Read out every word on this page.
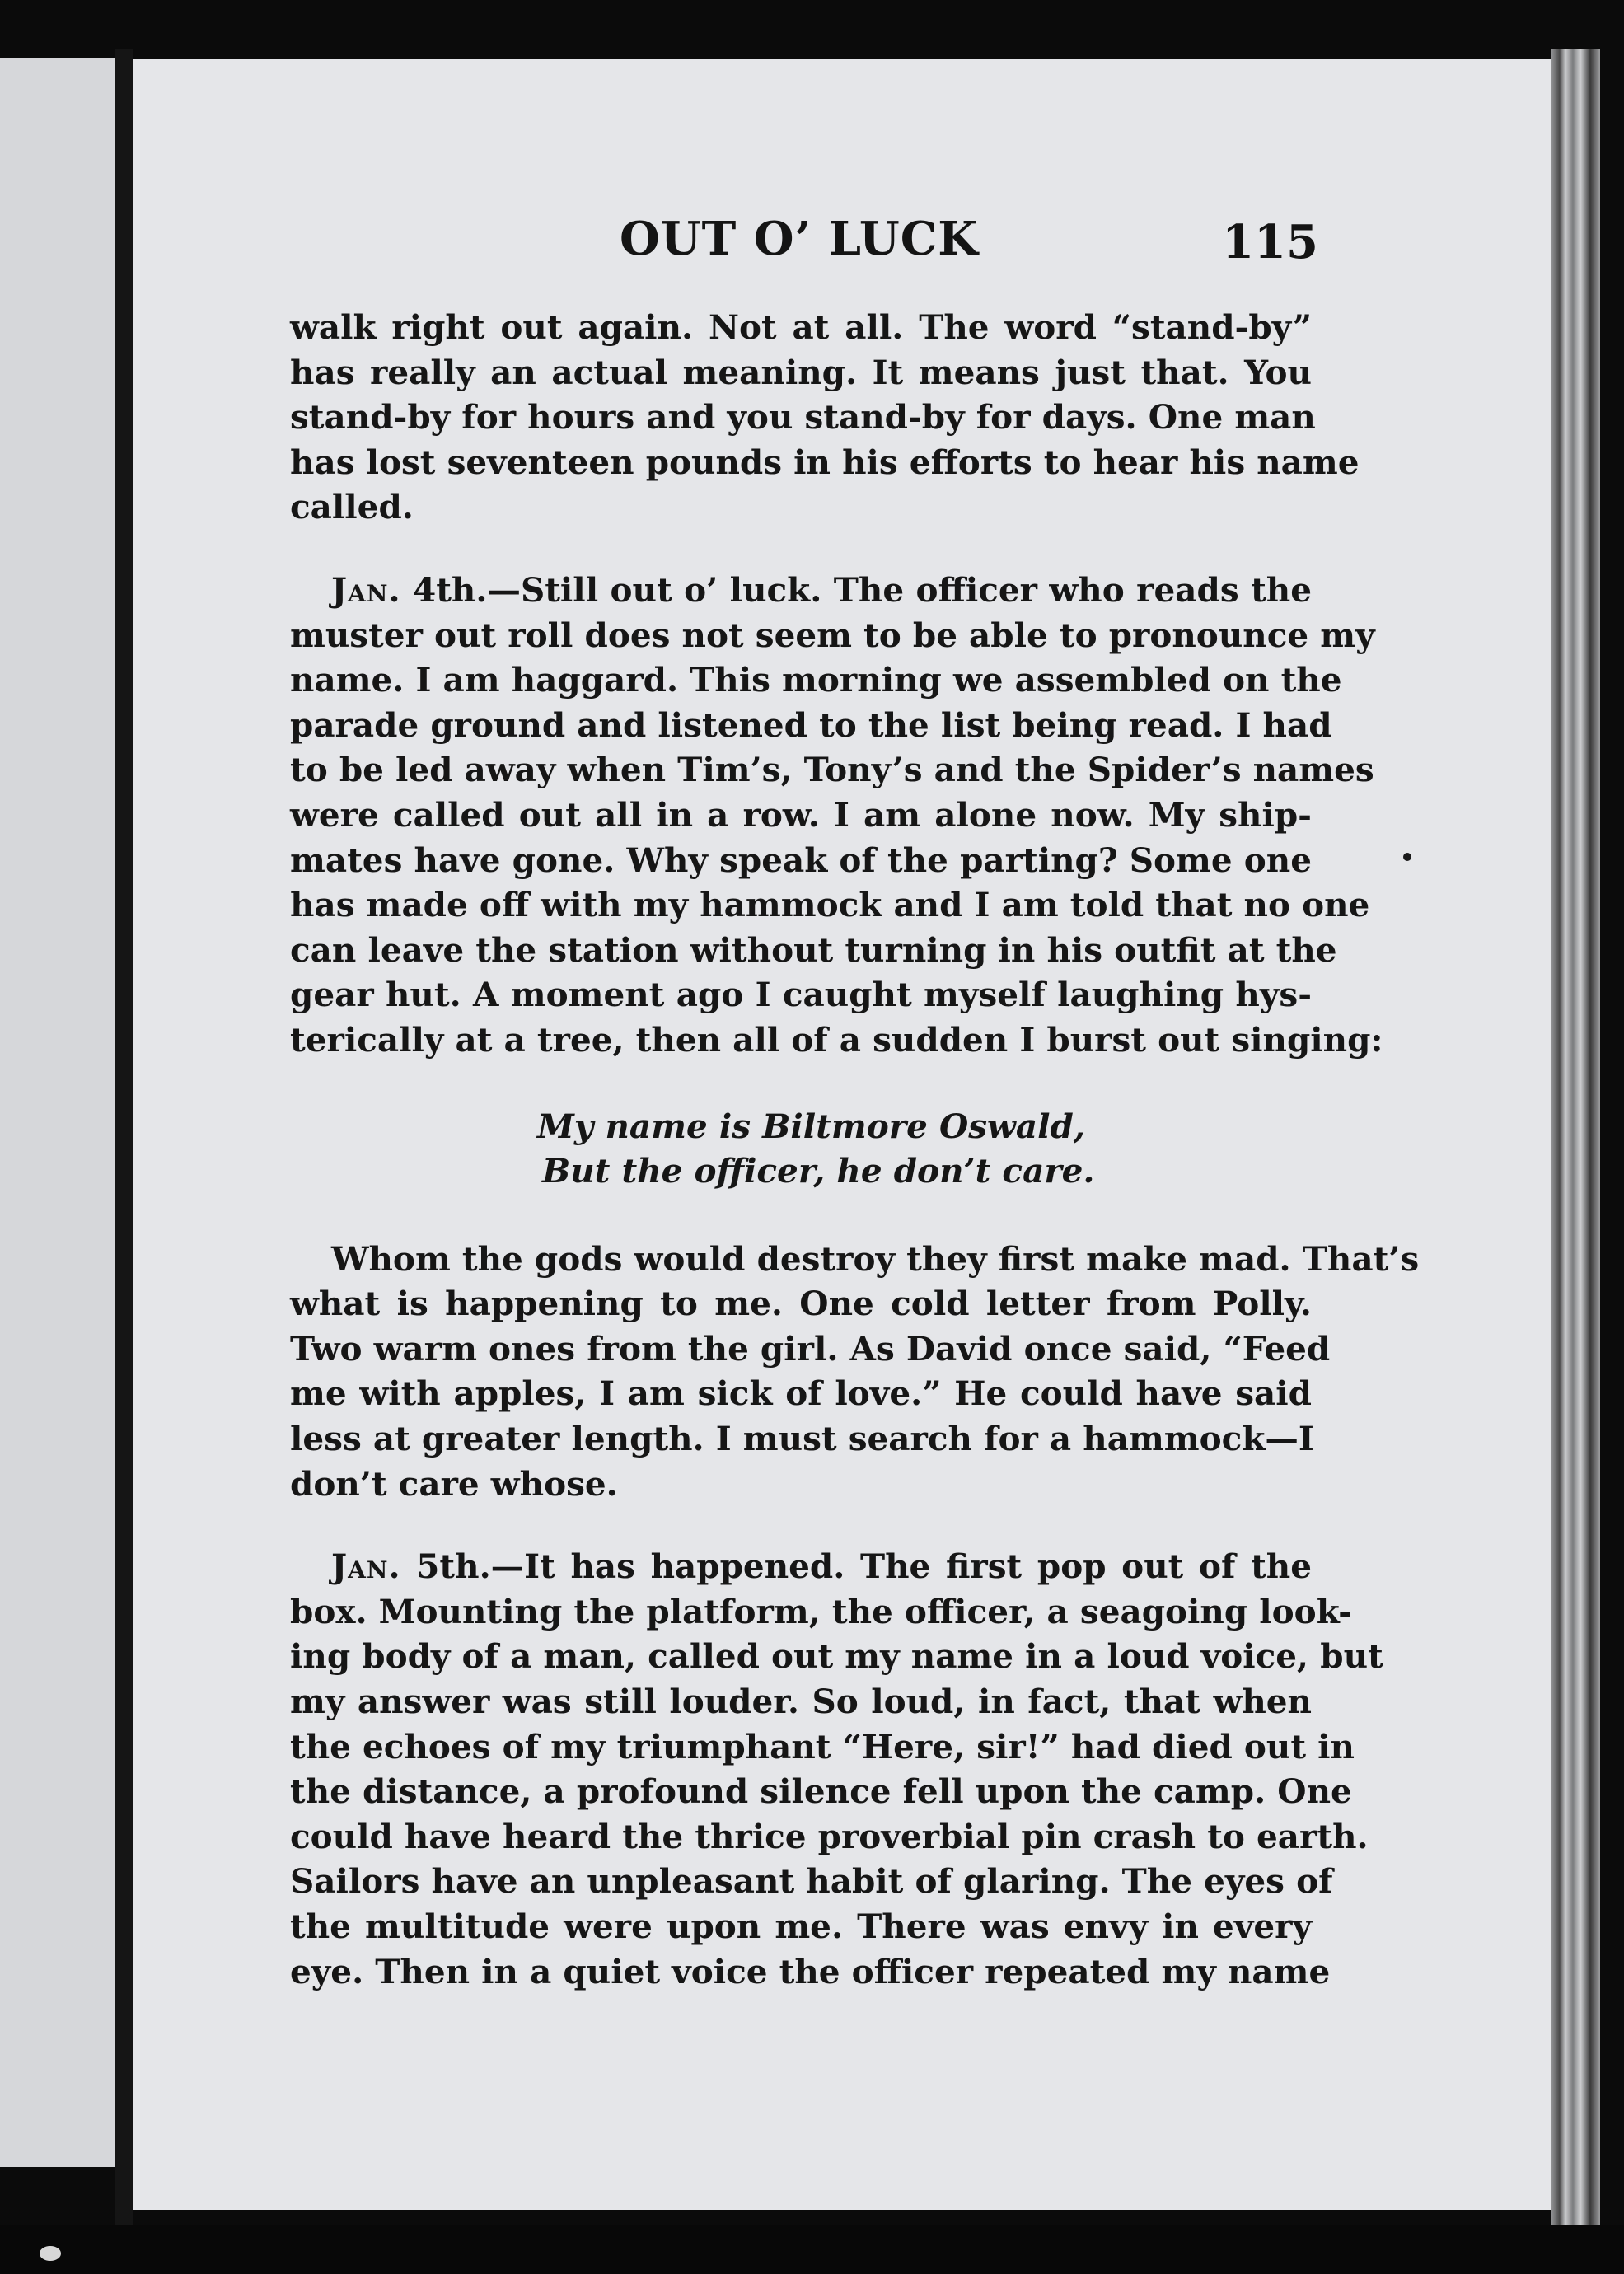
OUT O’ LUCK	115
walk right out again. Not at all. The word “stand-by”
has really an actual meaning. It means just that. You
stand-by for hours and you stand-by for days. One man
has lost seventeen pounds in his efforts to hear his name
called.
Jan. 4th.—Still out o’ luck. The officer who reads the
muster out roll does not seem to be able to pronounce my
name. I am haggard. This morning we assembled on the
parade ground and listened to the list being read. I had
to be led away when Tim’s, Tony’s and the Spider’s names
were called out all in a row. I am alone now. My ship-
mates have gone. Why speak of the parting? Some one
has made off with my hammock and I am told that no one
can leave the station without turning in his outfit at the
gear hut. A moment ago I caught myself laughing hys-
terically at a tree, then all of a sudden I burst out singing:
My name is Biltmore Oswald,
But the officer, he don’t care.
Whom the gods would destroy they first make mad. That’s
what is happening to me. One cold letter from Polly.
Two warm ones from the girl. As David once said, “Feed
me with apples, I am sick of love.” He could have said
less at greater length. I must search for a hammock—I
don’t care whose.
Jan. 5th.—It has happened. The first pop out of the
box. Mounting the platform, the officer, a seagoing look-
ing body of a man, called out my name in a loud voice, but
my answer was still louder. So loud, in fact, that when
the echoes of my triumphant “Here, sir!” had died out in
the distance, a profound silence fell upon the camp. One
could have heard the thrice proverbial pin crash to earth.
Sailors have an unpleasant habit of glaring. The eyes of
the multitude were upon me. There was envy in every
eye. Then in a quiet voice the officer repeated my name
